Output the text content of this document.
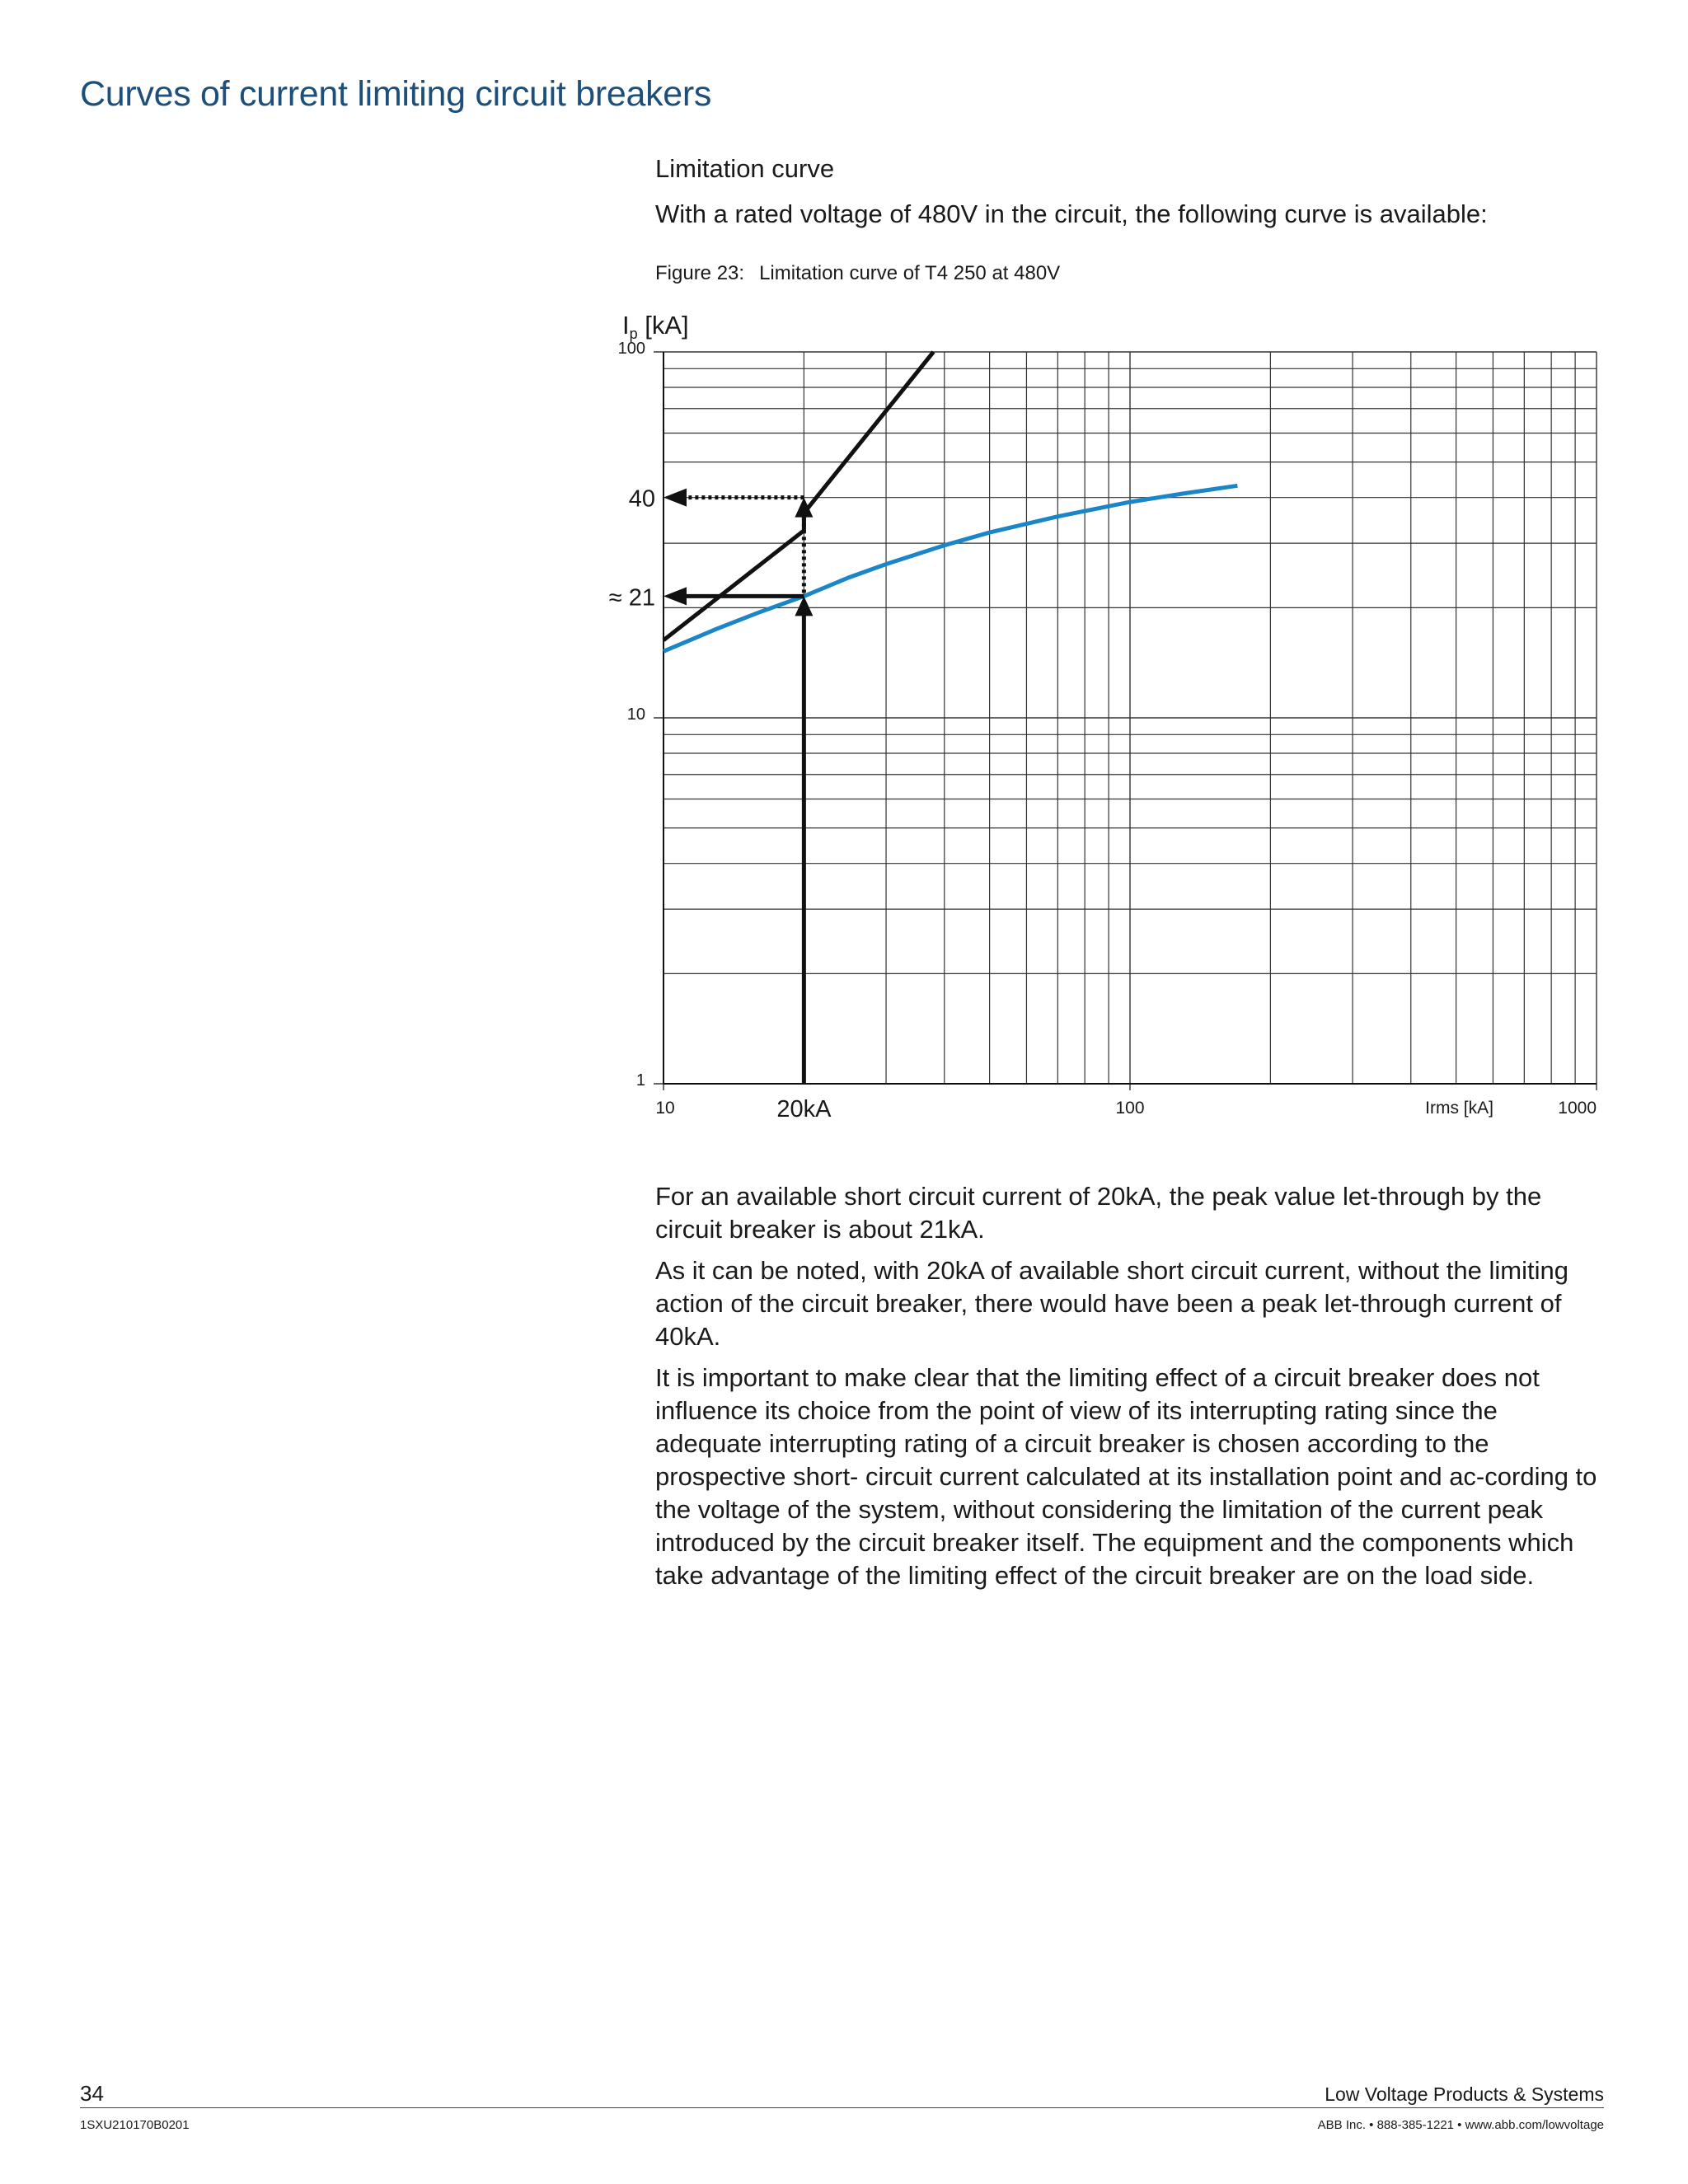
Curves of current limiting circuit breakers
Limitation curve
With a rated voltage of 480V in the circuit, the following curve is available:
Figure 23: Limitation curve of T4 250 at 480V
Ip [kA]
1
10
100
10	100	1000
Irms [kA]
40
≈ 21
20kA

For an available short circuit current of 20kA, the peak value let-through by the circuit breaker is about 21kA.

As it can be noted, with 20kA of available short circuit current, without the limiting action of the circuit breaker, there would have been a peak let-through current of 40kA.

It is important to make clear that the limiting effect of a circuit breaker does not influence its choice from the point of view of its interrupting rating since the adequate interrupting rating of a circuit breaker is chosen according to the prospective short- circuit current calculated at its installation point and ac-cording to the voltage of the system, without considering the limitation of the current peak introduced by the circuit breaker itself. The equipment and the components which take advantage of the limiting effect of the circuit breaker are on the load side.

34	Low Voltage Products & Systems
1SXU210170B0201	ABB Inc. • 888-385-1221 • www.abb.com/lowvoltage
